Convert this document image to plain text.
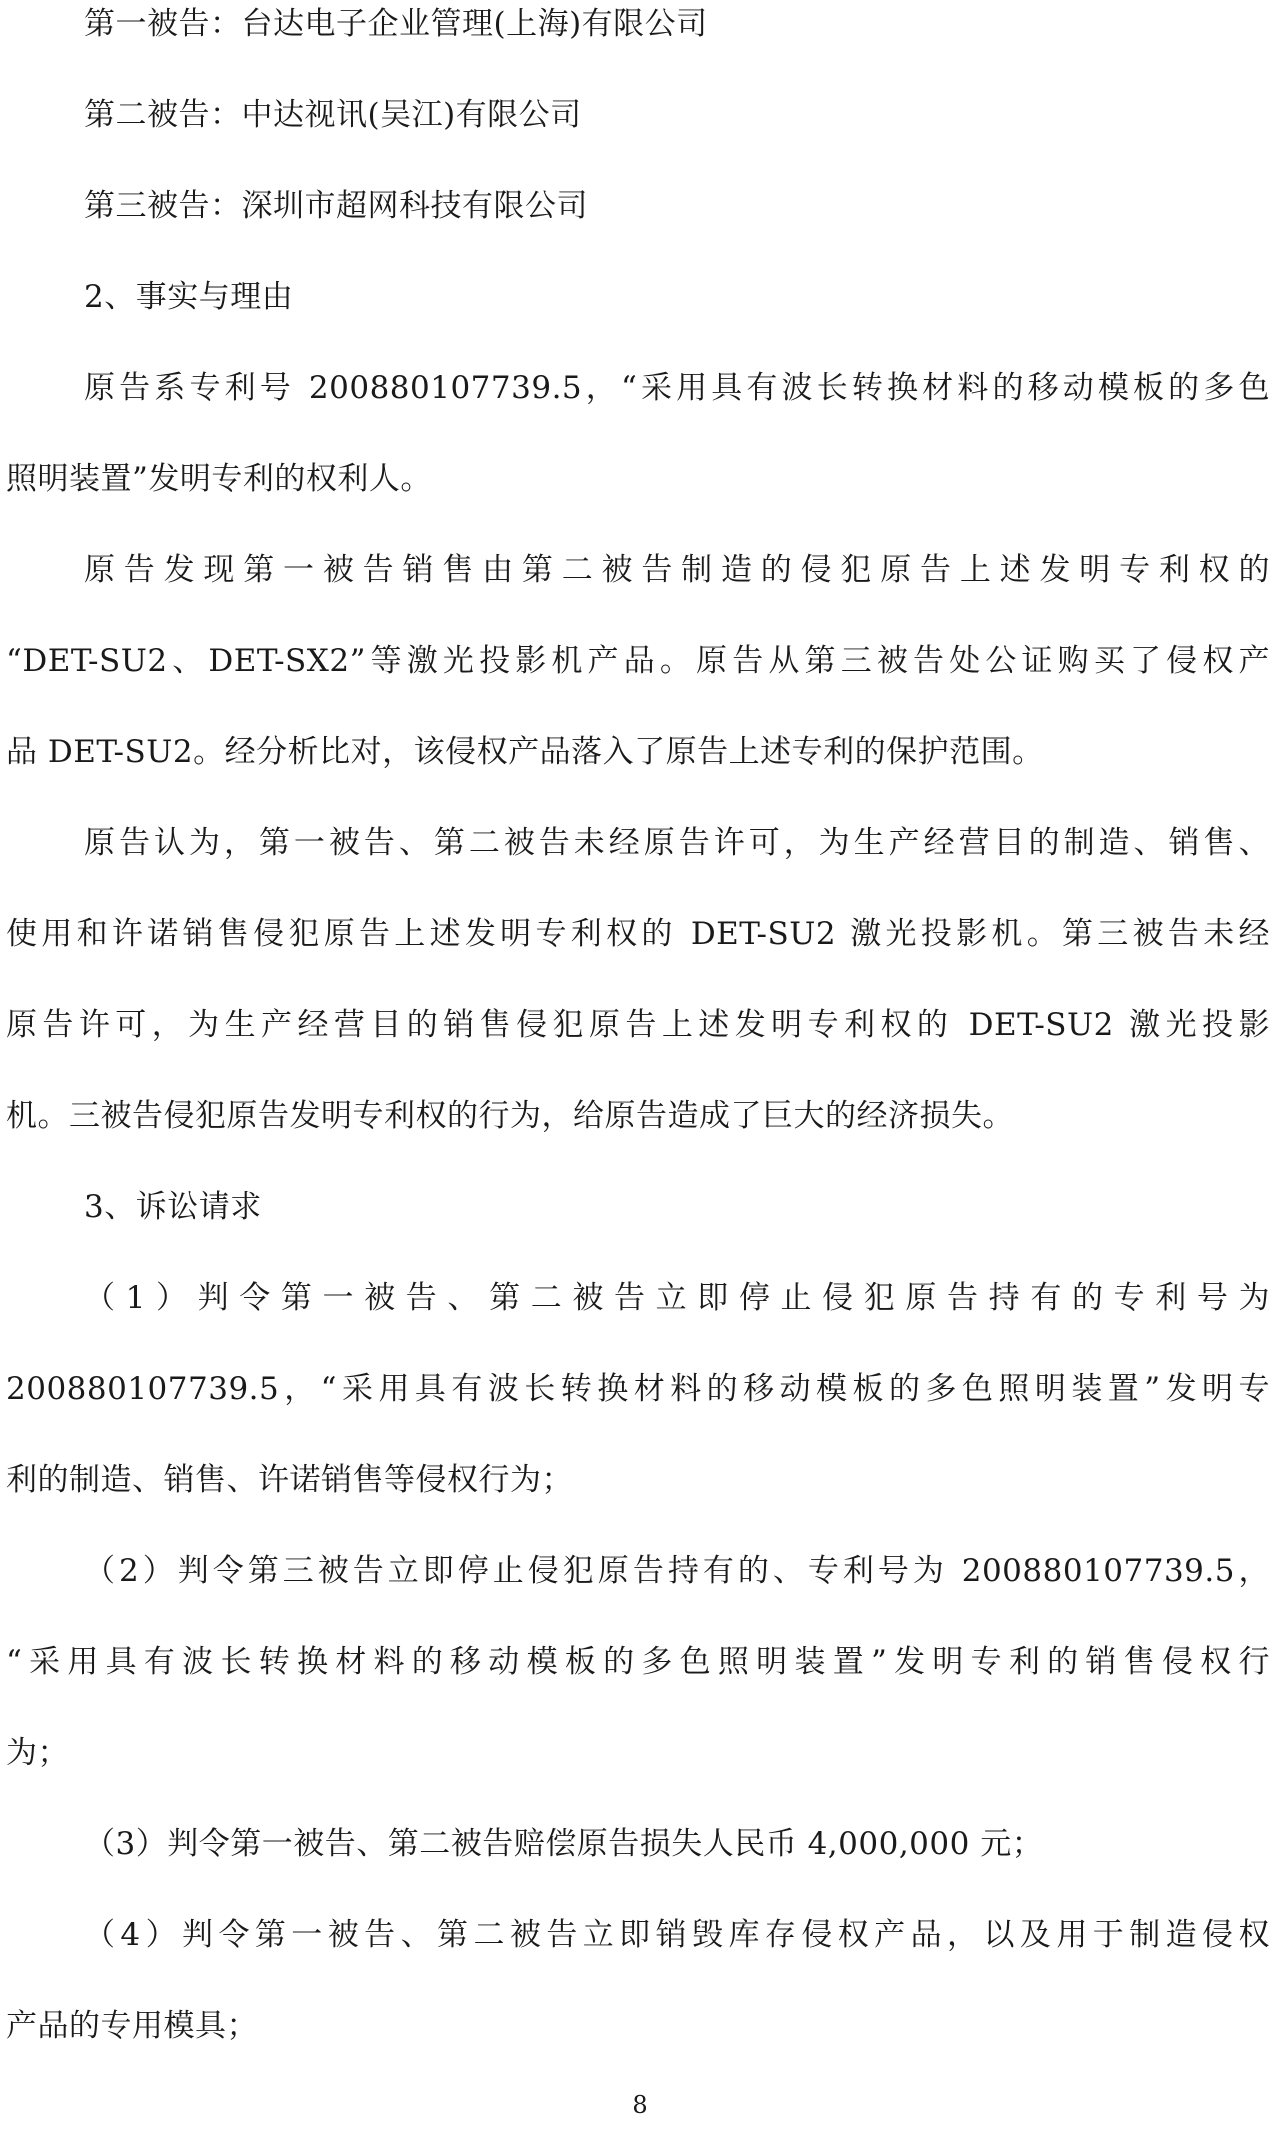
第一被告：台达电子企业管理(上海)有限公司
第二被告：中达视讯(吴江)有限公司
第三被告：深圳市超网科技有限公司
2、事实与理由
原告系专利号 200880107739.5，“采用具有波长转换材料的移动模板的多色
照明装置”发明专利的权利人。
原告发现第一被告销售由第二被告制造的侵犯原告上述发明专利权的
“DET-SU2、DET-SX2”等激光投影机产品。原告从第三被告处公证购买了侵权产
品 DET-SU2。经分析比对，该侵权产品落入了原告上述专利的保护范围。
原告认为，第一被告、第二被告未经原告许可，为生产经营目的制造、销售、
使用和许诺销售侵犯原告上述发明专利权的 DET-SU2 激光投影机。第三被告未经
原告许可，为生产经营目的销售侵犯原告上述发明专利权的 DET-SU2 激光投影
机。三被告侵犯原告发明专利权的行为，给原告造成了巨大的经济损失。
3、诉讼请求
（1）判令第一被告、第二被告立即停止侵犯原告持有的专利号为
200880107739.5，“采用具有波长转换材料的移动模板的多色照明装置”发明专
利的制造、销售、许诺销售等侵权行为；
（2）判令第三被告立即停止侵犯原告持有的、专利号为 200880107739.5，
“采用具有波长转换材料的移动模板的多色照明装置”发明专利的销售侵权行
为；
（3）判令第一被告、第二被告赔偿原告损失人民币 4,000,000 元；
（4）判令第一被告、第二被告立即销毁库存侵权产品，以及用于制造侵权
产品的专用模具；
8
